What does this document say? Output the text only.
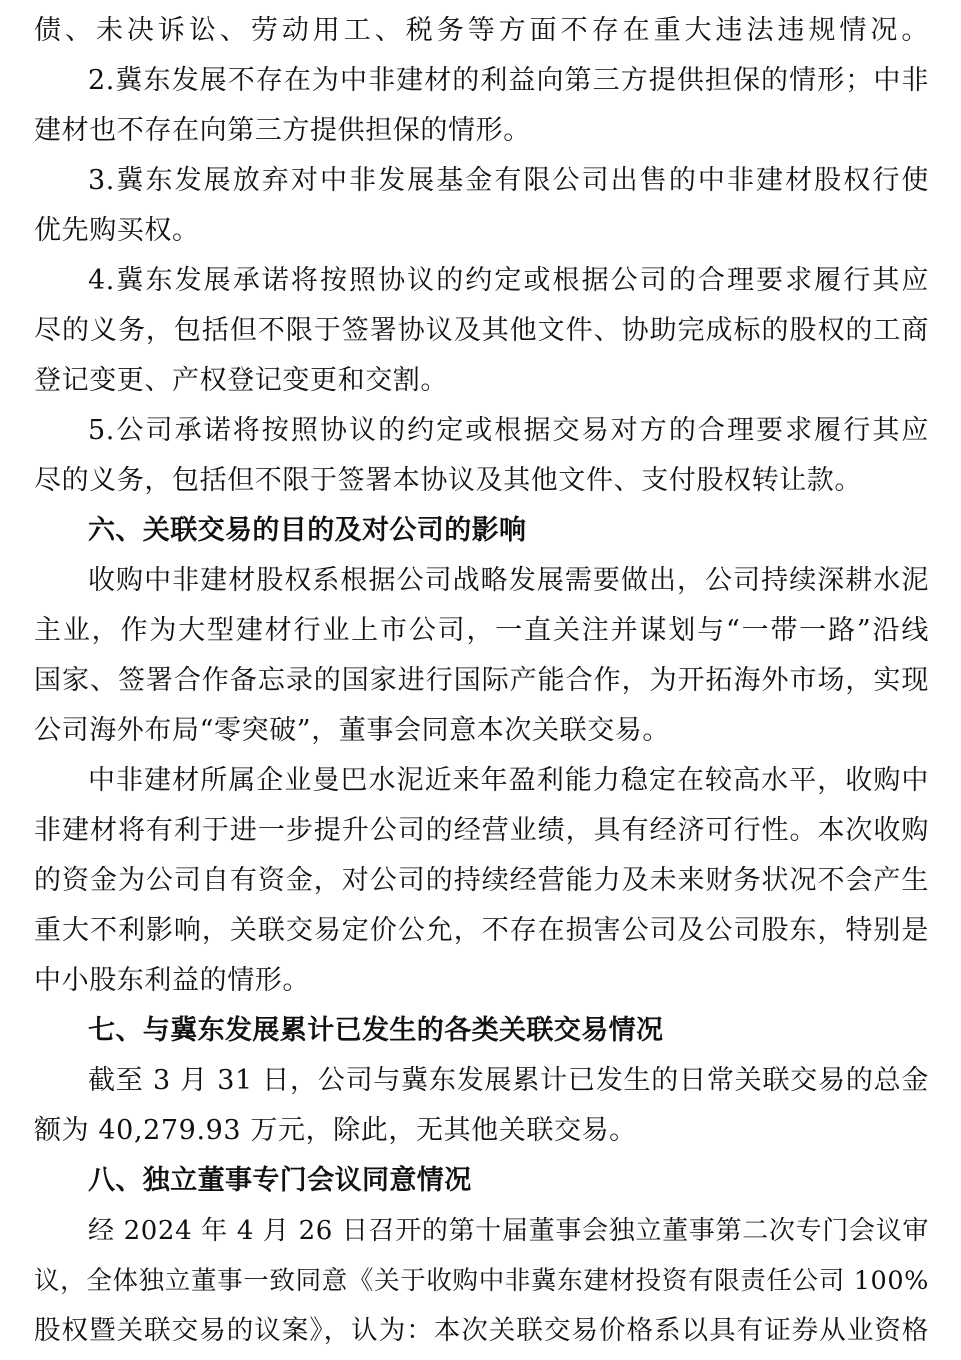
债、未决诉讼、劳动用工、税务等方面不存在重大违法违规情况。
2.冀东发展不存在为中非建材的利益向第三方提供担保的情形；中非
建材也不存在向第三方提供担保的情形。
3.冀东发展放弃对中非发展基金有限公司出售的中非建材股权行使
优先购买权。
4.冀东发展承诺将按照协议的约定或根据公司的合理要求履行其应
尽的义务，包括但不限于签署协议及其他文件、协助完成标的股权的工商
登记变更、产权登记变更和交割。
5.公司承诺将按照协议的约定或根据交易对方的合理要求履行其应
尽的义务，包括但不限于签署本协议及其他文件、支付股权转让款。
六、关联交易的目的及对公司的影响
收购中非建材股权系根据公司战略发展需要做出，公司持续深耕水泥
主业，作为大型建材行业上市公司，一直关注并谋划与“一带一路”沿线
国家、签署合作备忘录的国家进行国际产能合作，为开拓海外市场，实现
公司海外布局“零突破”，董事会同意本次关联交易。
中非建材所属企业曼巴水泥近来年盈利能力稳定在较高水平，收购中
非建材将有利于进一步提升公司的经营业绩，具有经济可行性。本次收购
的资金为公司自有资金，对公司的持续经营能力及未来财务状况不会产生
重大不利影响，关联交易定价公允，不存在损害公司及公司股东，特别是
中小股东利益的情形。
七、与冀东发展累计已发生的各类关联交易情况
截至 3 月 31 日，公司与冀东发展累计已发生的日常关联交易的总金
额为 40,279.93 万元，除此，无其他关联交易。
八、独立董事专门会议同意情况
经 2024 年 4 月 26 日召开的第十届董事会独立董事第二次专门会议审
议，全体独立董事一致同意《关于收购中非冀东建材投资有限责任公司 100%
股权暨关联交易的议案》，认为：本次关联交易价格系以具有证券从业资格
